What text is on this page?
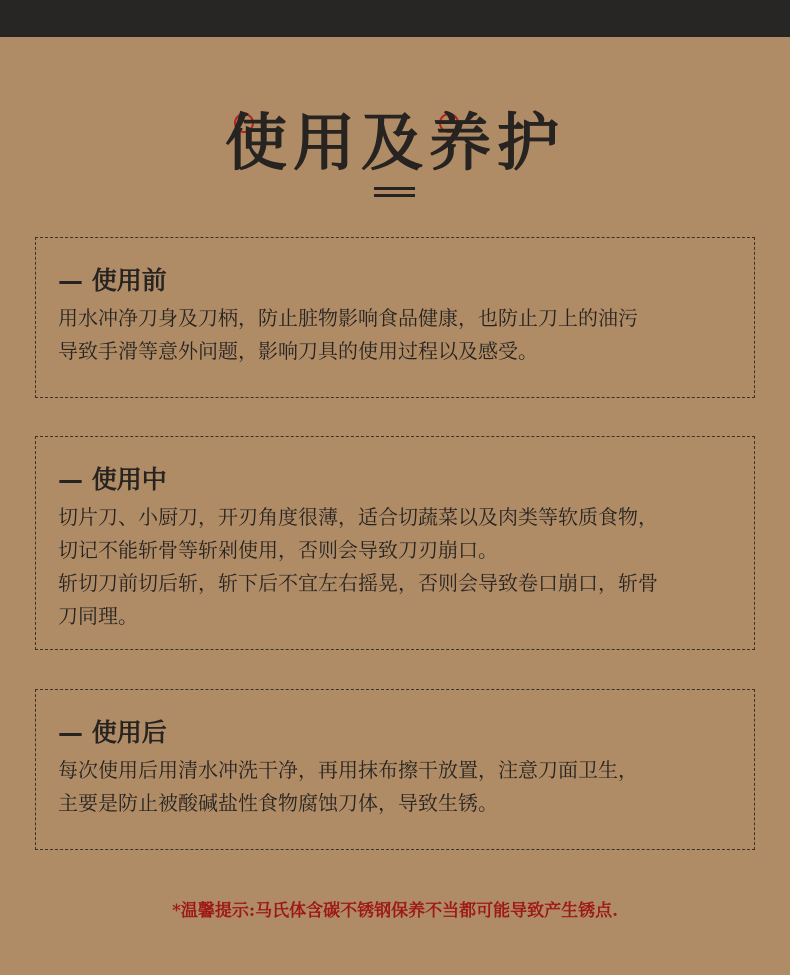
使用及养护
— 使用前
用水冲净刀身及刀柄，防止脏物影响食品健康，也防止刀上的油污
导致手滑等意外问题，影响刀具的使用过程以及感受。
— 使用中
切片刀、小厨刀，开刃角度很薄，适合切蔬菜以及肉类等软质食物，
切记不能斩骨等斩剁使用，否则会导致刀刃崩口。
斩切刀前切后斩，斩下后不宜左右摇晃，否则会导致卷口崩口，斩骨
刀同理。
— 使用后
每次使用后用清水冲洗干净，再用抹布擦干放置，注意刀面卫生，
主要是防止被酸碱盐性食物腐蚀刀体，导致生锈。
*温馨提示:马氏体含碳不锈钢保养不当都可能导致产生锈点.
